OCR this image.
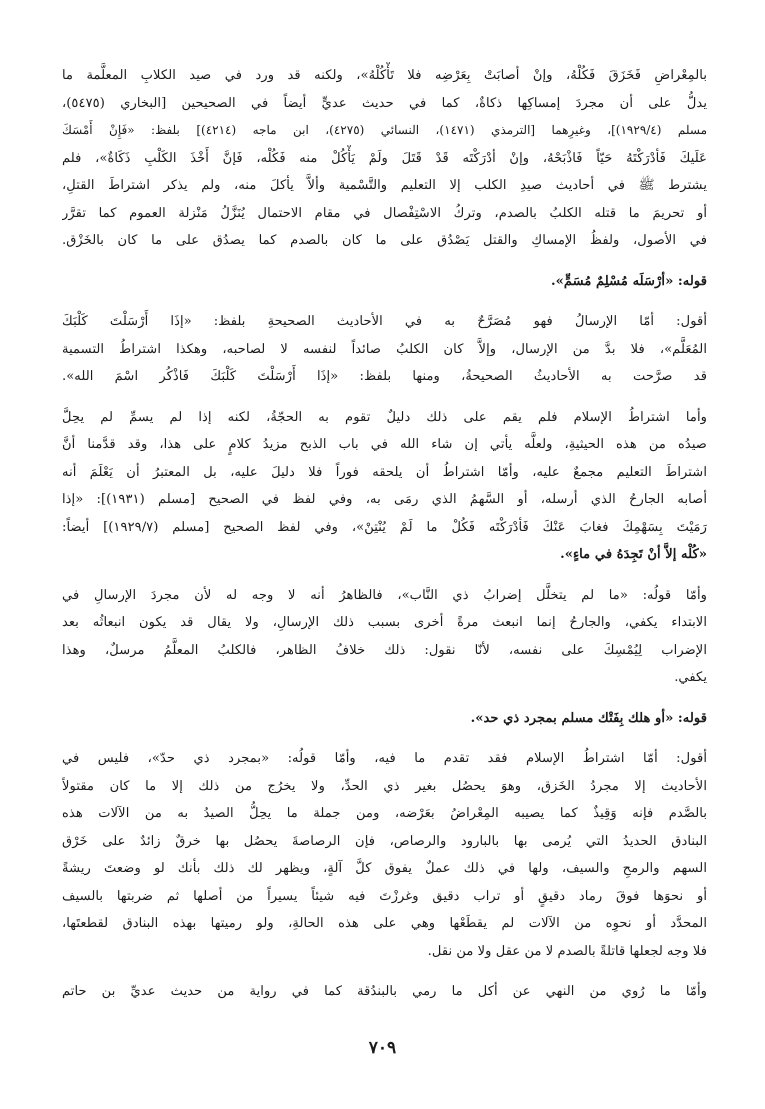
بالمِعْراضِ فَخَزَقَ فَكُلْهُ، وإنْ أصابَتْ بِعَرْضِه فلا تَأْكُلْهُ»، ولكنه قد ورد في صيد الكلابِ المعلَّمة ما
يدلُّ على أن مجردَ إمساكِها ذكاةٌ، كما في حديث عديٍّ أيضاً في الصحيحين [البخاري (٥٤٧٥)،
مسلم (١٩٢٩/٤)]، وغيرِهما [الترمذي (١٤٧١)، النسائي (٤٢٧٥)، ابن ماجه (٤٢١٤)] بلفظ: «فَإِنْ أَمْسَكَ
عَلَيكَ فَأدْرَكْتَهُ حَيّاً فَاذْبَحْهُ، وإنْ أدْرَكْتَه قَدْ قَتَلَ ولَمْ يَأْكُلْ منه فَكُلْه، فَإنَّ أَخْذَ الكَلْبِ ذَكَاةٌ»، فلم
يشترط ﷺ في أحاديث صيدِ الكلب إلا التعليم والتَّسْمية وألاَّ يأكلَ منه، ولم يذكر اشتراطَ القتلِ،
أو تحريمَ ما قتله الكلبُ بالصدم، وتركُ الاسْتِفْصال في مقام الاحتمال يُنَزَّلُ مَنْزلة العموم كما تقرَّر
في الأصول، ولفظُ الإمساكِ والقتل يَصْدُق على ما كان بالصدم كما يصدُق على ما كان بالخَزْق.
قوله: «أرْسَلَه مُسْلِمٌ مُسَمٍّ».
أقول: أمّا الإرسالُ فهو مُصَرَّحٌ به في الأحاديث الصحيحةِ بلفظ: «إذَا أَرْسَلْتَ كَلْبَكَ
المُعَلَّم»، فلا بدَّ من الإرسال، وإلاَّ كان الكلبُ صائداً لنفسه لا لصاحبه، وهكذا اشتراطُ التسمية
قد صرَّحت به الأحاديثُ الصحيحةُ، ومنها بلفظ: «إذَا أَرْسَلْتَ كَلْبَكَ فَاذْكُر اسْمَ الله».
وأما اشتراطُ الإسلام فلم يقم على ذلك دليلٌ تقوم به الحجّةُ، لكنه إذا لم يسمِّ لم يحِلَّ
صيدُه من هذه الحيثيةِ، ولعلَّه يأتي إن شاء الله في باب الذبح مزيدُ كلامٍ على هذا، وقد قدَّمنا أنَّ
اشتراطَ التعليم مجمعٌ عليه، وأمّا اشتراطُ أن يلحقه فوراً فلا دليلَ عليه، بل المعتبرُ أن يَعْلَمَ أنه
أصابه الجارحُ الذي أرسله، أو السَّهمُ الذي رمَى به، وفي لفظ في الصحيح [مسلم (١٩٣١)]: «إذا
رَمَيْتَ بِسَهْمِكَ فغابَ عَنْكَ فَأدْرَكْتَه فَكُلْ ما لَمْ يُنْتِنْ»، وفي لفظ الصحيح [مسلم (١٩٢٩/٧)] أيضاً:
«كُلْه إلاَّ أنْ تَجِدَهُ في ماءٍ».
وأمّا قولُه: «ما لم يتخلَّل إضرابُ ذي النَّاب»، فالظاهرُ أنه لا وجه له لأن مجردَ الإرسالِ في
الابتداء يكفي، والجارحُ إنما انبعث مرةً أخرى بسبب ذلك الإرسالِ، ولا يقال قد يكون انبعاثُه بعد
الإضراب لِيُمْسِكَ على نفسه، لأنّا نقول: ذلك خلافُ الظاهر، فالكلبُ المعلَّمُ مرسلٌ، وهذا
يكفي.
قوله: «أو هلك بِفَتْك مسلم بمجرد ذي حد».
أقول: أمّا اشتراطُ الإسلام فقد تقدم ما فيه، وأمّا قولُه: «بمجرد ذي حدّ»، فليس في
الأحاديث إلا مجردُ الخَزق، وهوَ يحصُل بغير ذي الحدِّ، ولا يخرُج من ذلك إلا ما كان مقتولاً
بالصَّدم فإنه وَقِيذٌ كما يصيبه المِعْراضُ بعَرْضه، ومن جملة ما يحِلُّ الصيدُ به من الآلات هذه
البنادق الحديدُ التي يُرمى بها بالبارود والرصاص، فإن الرصاصةَ يحصُل بها خرقٌ زائدٌ على خَرْق
السهم والرمحِ والسيف، ولها في ذلك عملٌ يفوق كلَّ آلةٍ، ويظهر لك ذلك بأنك لو وضعتَ ريشةً
أو نحوَها فوقَ رماد دقيقٍ أو تراب دقيق وغرزْتَ فيه شيئاً يسيراً من أصلها ثم ضربتها بالسيف
المحدَّد أو نحوِه من الآلات لم يقطَعْها وهي على هذه الحالةِ، ولو رميتها بهذه البنادق لقطعتَها،
فلا وجه لجعلها قاتلةً بالصدم لا من عقل ولا من نقل.
وأمّا ما رُوي من النهي عن أكل ما رمي بالبندُقة كما في رواية من حديث عديِّ بن حاتم
٧٠٩
